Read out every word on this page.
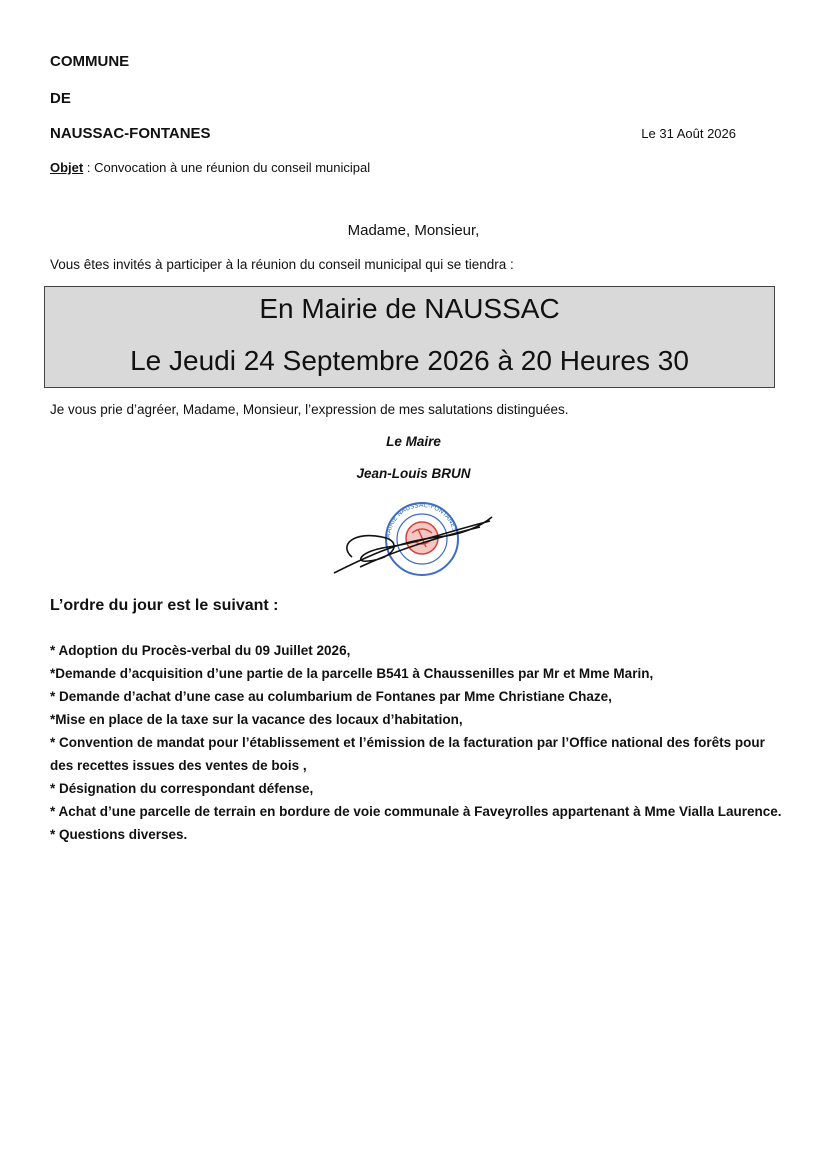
COMMUNE
DE
NAUSSAC-FONTANES	Le 31 Août 2026
Objet : Convocation à une réunion du conseil municipal
Madame, Monsieur,
Vous êtes invités à participer à la réunion du conseil municipal qui se tiendra :
En Mairie de NAUSSAC
Le Jeudi 24 Septembre 2026 à 20 Heures 30
Je vous prie d’agréer, Madame, Monsieur, l’expression de mes salutations distinguées.
Le Maire
Jean-Louis BRUN
MAIRIE NAUSSAC-FONTANES
L’ordre du jour est le suivant :
* Adoption du Procès-verbal du 09 Juillet 2026,
*Demande d’acquisition d’une partie de la parcelle B541 à Chaussenilles par Mr et Mme Marin,
* Demande d’achat d’une case au columbarium de Fontanes par Mme Christiane Chaze,
*Mise en place de la taxe sur la vacance des locaux d’habitation,
* Convention de mandat pour l’établissement et l’émission de la facturation par l’Office national des forêts pour des recettes issues des ventes de bois ,
* Désignation du correspondant défense,
* Achat d’une parcelle de terrain en bordure de voie communale à Faveyrolles appartenant à Mme Vialla Laurence.
* Questions diverses.
